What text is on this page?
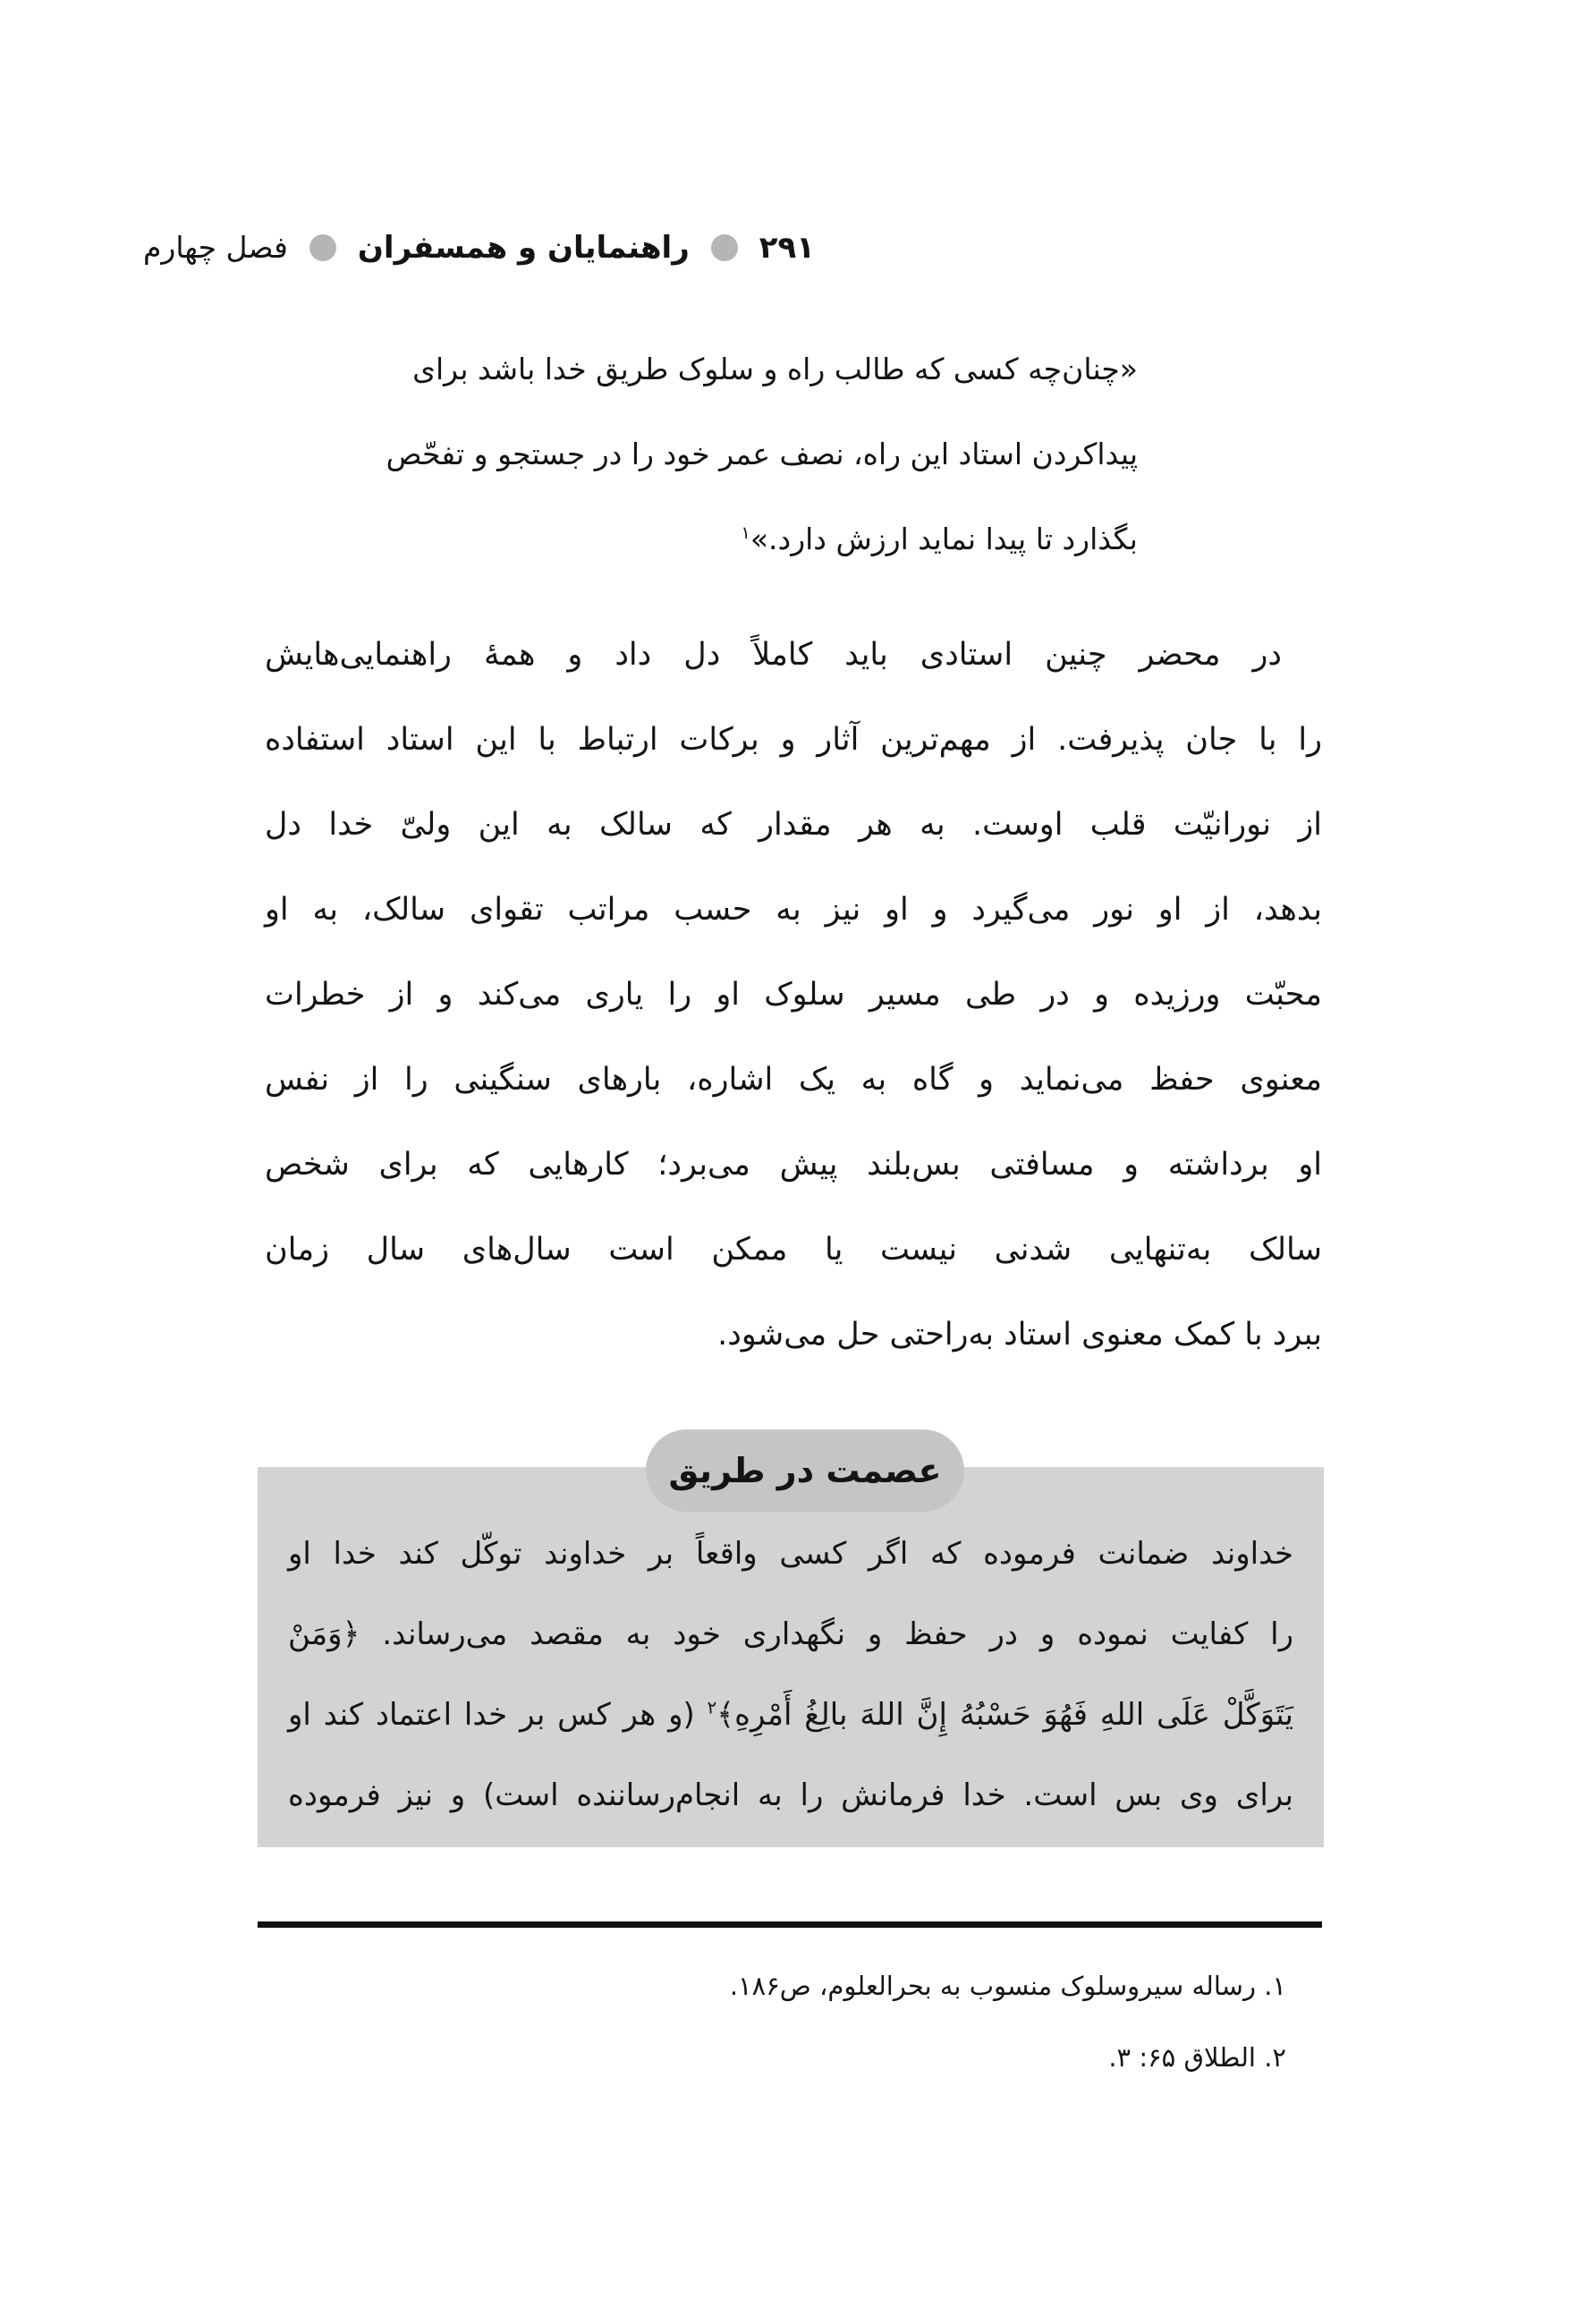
۲۹۱
راهنمایان و همسفران
فصل چهارم
«چنان‌چه کسی که طالب راه و سلوک طریق خدا باشد برای
پیداکردن استاد این راه، نصف عمر خود را در جستجو و تفحّص
بگذارد تا پیدا نماید ارزش دارد.»$^۱$
در محضر چنین استادی باید کاملاً دل داد و همهٔ راهنمایی‌هایش
را با جان پذیرفت. از مهم‌ترین آثار و برکات ارتباط با این استاد استفاده
از نورانیّت قلب اوست. به هر مقدار که سالک به این ولیّ خدا دل
بدهد، از او نور می‌گیرد و او نیز به حسب مراتب تقوای سالک، به او
محبّت ورزیده و در طی مسیر سلوک او را یاری می‌کند و از خطرات
معنوی حفظ می‌نماید و گاه به یک اشاره، بارهای سنگینی را از نفس
او برداشته و مسافتی بس‌بلند پیش می‌برد؛ کارهایی که برای شخص
سالک به‌تنهایی شدنی نیست یا ممکن است سال‌های سال زمان
ببرد با کمک معنوی استاد به‌راحتی حل می‌شود.
عصمت در طریق
خداوند ضمانت فرموده که اگر کسی واقعاً بر خداوند توکّل کند خدا او
را کفایت نموده و در حفظ و نگهداری خود به مقصد می‌رساند. ﴿وَمَنْ
یَتَوَکَّلْ عَلَى اللهِ فَهُوَ حَسْبُهُ إِنَّ اللهَ بالِغُ أَمْرِهِ﴾$^۲$ (و هر کس بر خدا اعتماد کند او
برای وی بس است. خدا فرمانش را به انجام‌رساننده است) و نیز فرموده
۱. رساله سیروسلوک منسوب به بحرالعلوم، ص۱۸۶.
۲. الطلاق ۶۵: ۳.
